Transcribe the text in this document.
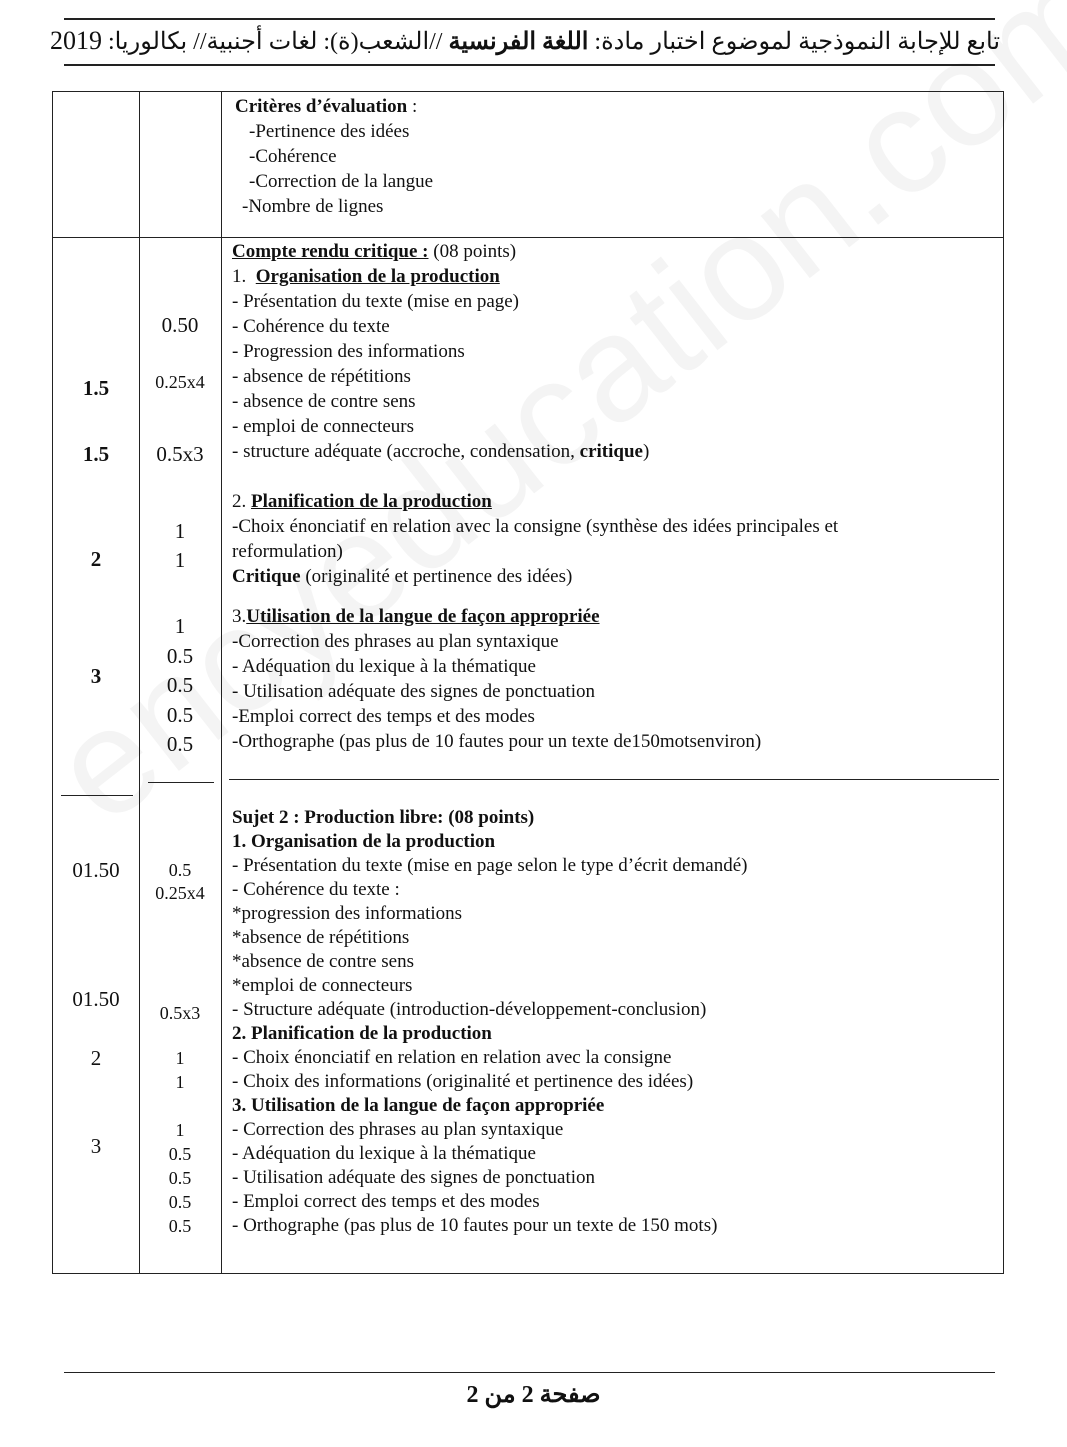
تابع للإجابة النموذجية لموضوع اختبار مادة: اللغة الفرنسية //الشعب(ة): لغات أجنبية// بكالوريا: 2019
Critères d’évaluation :
-Pertinence des idées
-Cohérence
-Correction de la langue
-Nombre de lignes
Compte rendu critique : (08 points)
1. Organisation de la production
- Présentation du texte (mise en page)
- Cohérence du texte
- Progression des informations
- absence de répétitions
- absence de contre sens
- emploi de connecteurs
- structure adéquate (accroche, condensation, critique)
2. Planification de la production
-Choix énonciatif en relation avec la consigne (synthèse des idées principales et
reformulation)
Critique (originalité et pertinence des idées)
3.Utilisation de la langue de façon appropriée
-Correction des phrases au plan syntaxique
- Adéquation du lexique à la thématique
- Utilisation adéquate des signes de ponctuation
-Emploi correct des temps et des modes
-Orthographe (pas plus de 10 fautes pour un texte de150motsenviron)
1.5
1.5
2
3
0.50
0.25x4
0.5x3
1
1
1
0.5
0.5
0.5
0.5
Sujet 2 : Production libre: (08 points)
1. Organisation de la production
- Présentation du texte (mise en page selon le type d’écrit demandé)
- Cohérence du texte :
*progression des informations
*absence de répétitions
*absence de contre sens
*emploi de connecteurs
- Structure adéquate (introduction-développement-conclusion)
2. Planification de la production
- Choix énonciatif en relation en relation avec la consigne
- Choix des informations (originalité et pertinence des idées)
3. Utilisation de la langue de façon appropriée
- Correction des phrases au plan syntaxique
- Adéquation du lexique à la thématique
- Utilisation adéquate des signes de ponctuation
- Emploi correct des temps et des modes
- Orthographe (pas plus de 10 fautes pour un texte de 150 mots)
01.50
01.50
2
3
0.5
0.25x4
0.5x3
1
1
1
0.5
0.5
0.5
0.5
صفحة 2 من 2
